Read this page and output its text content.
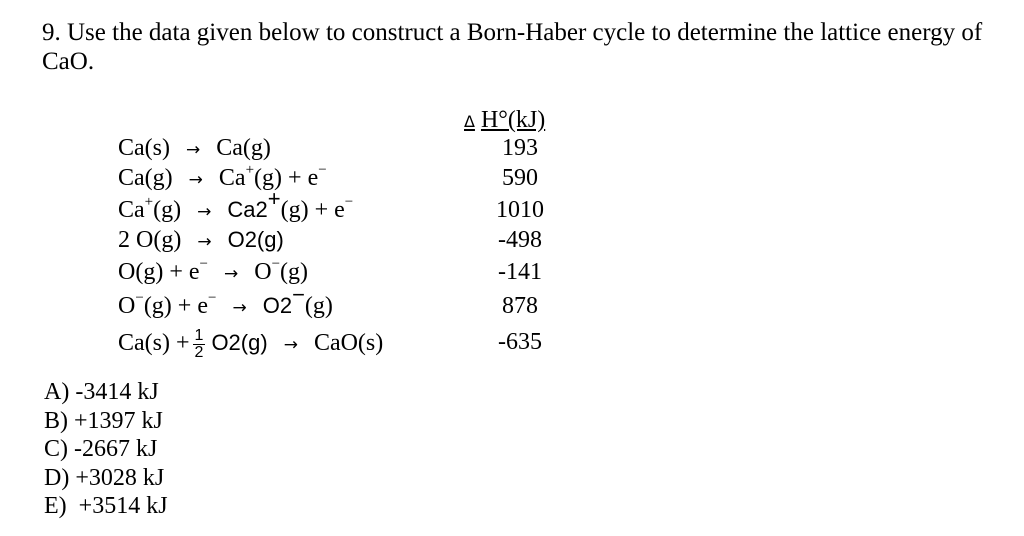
9. Use the data given below to construct a Born-Haber cycle to determine the lattice energy of
CaO.
Δ H°(kJ)
Ca(s) → Ca(g)
Ca(g) → Ca+(g) + e−
Ca+(g) → Ca2+(g) + e−
2 O(g) → O2(g)
O(g) + e− → O−(g)
O−(g) + e− → O2−(g)
$Ca(s) + \frac{1}{2} O2(g) \to CaO(s)$
193
590
1010
-498
-141
878
-635
A) -3414 kJ
B) +1397 kJ
C) -2667 kJ
D) +3028 kJ
E)  +3514 kJ
